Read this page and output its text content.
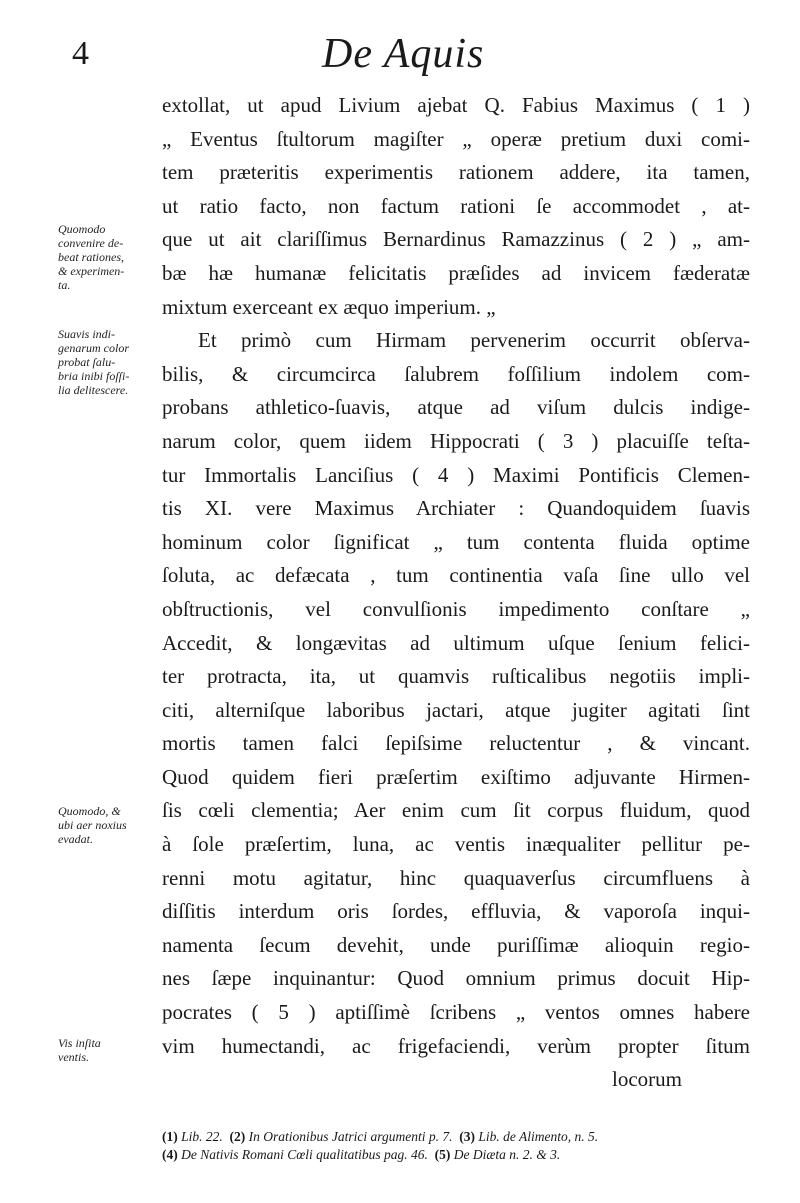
4	De Aquis
extollat, ut apud Livium ajebat Q. Fabius Maximus ( 1 )
„ Eventus ſtultorum magiſter „ operæ pretium duxi comi-
tem præteritis experimentis rationem addere, ita tamen,
ut ratio facto, non factum rationi ſe accommodet , at-
que ut ait clariſſimus Bernardinus Ramazzinus ( 2 ) „ am-
bæ hæ humanæ felicitatis præſides ad invicem fæderatæ
mixtum exerceant ex æquo imperium. „
Et primò cum Hirmam pervenerim occurrit obſerva-
bilis, & circumcirca ſalubrem foſſilium indolem com-
probans athletico-ſuavis, atque ad viſum dulcis indige-
narum color, quem iidem Hippocrati ( 3 ) placuiſſe teſta-
tur Immortalis Lanciſius ( 4 ) Maximi Pontificis Clemen-
tis XI. vere Maximus Archiater : Quandoquidem ſuavis
hominum color ſignificat „ tum contenta fluida optime
ſoluta, ac defæcata , tum continentia vaſa ſine ullo vel
obſtructionis, vel convulſionis impedimento conſtare „
Accedit, & longævitas ad ultimum uſque ſenium felici-
ter protracta, ita, ut quamvis ruſticalibus negotiis impli-
citi, alterniſque laboribus jactari, atque jugiter agitati ſint
mortis tamen falci ſepiſsime reluctentur , & vincant.
Quod quidem fieri præſertim exiſtimo adjuvante Hirmen-
ſis cœli clementia; Aer enim cum ſit corpus fluidum, quod
à ſole præſertim, luna, ac ventis inæqualiter pellitur pe-
renni motu agitatur, hinc quaquaverſus circumfluens à
diſſitis interdum oris ſordes, effluvia, & vaporoſa inqui-
namenta ſecum devehit, unde puriſſimæ alioquin regio-
nes ſæpe inquinantur: Quod omnium primus docuit Hip-
pocrates ( 5 ) aptiſſimè ſcribens „ ventos omnes habere
vim humectandi, ac frigefaciendi, verùm propter ſitum
locorum
Quomodo
convenire de-
beat rationes,
& experimen-
ta.
Suavis indi-
genarum color
probat ſalu-
bria inibi foſſi-
lia delitescere.
Quomodo, &
ubi aer noxius
evadat.
Vis inſita
ventis.
(1) Lib. 22. (2) In Orationibus Jatrici argumenti p. 7. (3) Lib. de Alimento, n. 5.
(4) De Nativis Romani Cœli qualitatibus pag. 46. (5) De Diæta n. 2. & 3.
